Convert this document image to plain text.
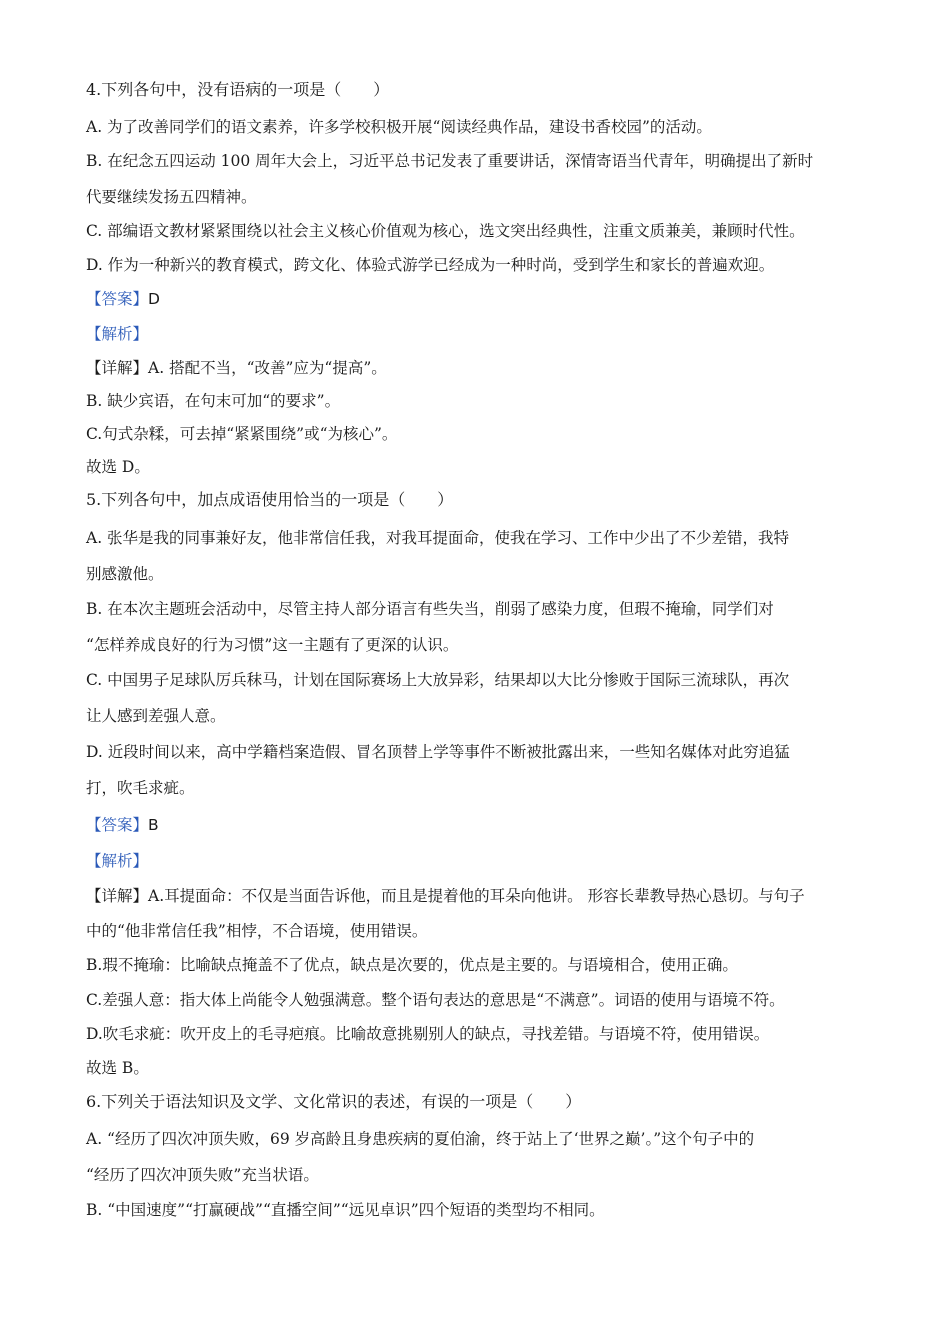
4.下列各句中，没有语病的一项是（　　）
A. 为了改善同学们的语文素养，许多学校积极开展“阅读经典作品，建设书香校园”的活动。
B. 在纪念五四运动 100 周年大会上，习近平总书记发表了重要讲话，深情寄语当代青年，明确提出了新时
代要继续发扬五四精神。
C. 部编语文教材紧紧围绕以社会主义核心价值观为核心，选文突出经典性，注重文质兼美，兼顾时代性。
D. 作为一种新兴的教育模式，跨文化、体验式游学已经成为一种时尚，受到学生和家长的普遍欢迎。
【答案】D
【解析】
【详解】A. 搭配不当，“改善”应为“提高”。
B. 缺少宾语，在句末可加“的要求”。
C.句式杂糅，可去掉“紧紧围绕”或“为核心”。
故选 D。
5.下列各句中，加点成语使用恰当的一项是（　　）
A. 张华是我的同事兼好友，他非常信任我，对我耳提面命，使我在学习、工作中少出了不少差错，我特
别感激他。
B. 在本次主题班会活动中，尽管主持人部分语言有些失当，削弱了感染力度，但瑕不掩瑜，同学们对
“怎样养成良好的行为习惯”这一主题有了更深的认识。
C. 中国男子足球队厉兵秣马，计划在国际赛场上大放异彩，结果却以大比分惨败于国际三流球队，再次
让人感到差强人意。
D. 近段时间以来，高中学籍档案造假、冒名顶替上学等事件不断被批露出来，一些知名媒体对此穷追猛
打，吹毛求疵。
【答案】B
【解析】
【详解】A.耳提面命：不仅是当面告诉他，而且是提着他的耳朵向他讲。 形容长辈教导热心恳切。与句子
中的“他非常信任我”相悖，不合语境，使用错误。
B.瑕不掩瑜：比喻缺点掩盖不了优点，缺点是次要的，优点是主要的。与语境相合，使用正确。
C.差强人意：指大体上尚能令人勉强满意。整个语句表达的意思是“不满意”。词语的使用与语境不符。
D.吹毛求疵：吹开皮上的毛寻疤痕。比喻故意挑剔别人的缺点，寻找差错。与语境不符，使用错误。
故选 B。
6.下列关于语法知识及文学、文化常识的表述，有误的一项是（　　）
A. “经历了四次冲顶失败，69 岁高龄且身患疾病的夏伯渝，终于站上了‘世界之巅’。”这个句子中的
“经历了四次冲顶失败”充当状语。
B. “中国速度”“打赢硬战”“直播空间”“远见卓识”四个短语的类型均不相同。
